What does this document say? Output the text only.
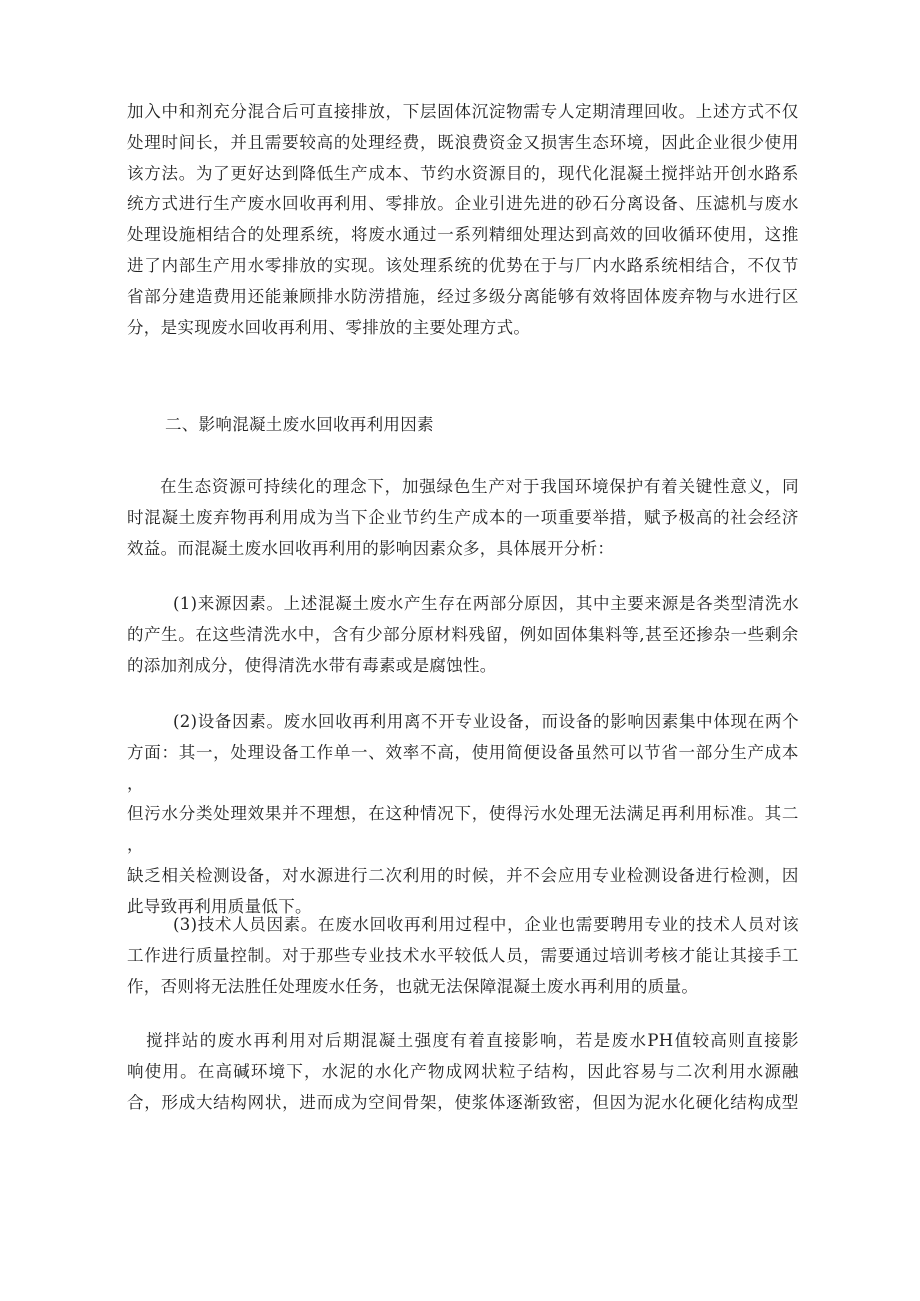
加入中和剂充分混合后可直接排放，下层固体沉淀物需专人定期清理回收。上述方式不仅
处理时间长，并且需要较高的处理经费，既浪费资金又损害生态环境，因此企业很少使用
该方法。为了更好达到降低生产成本、节约水资源目的，现代化混凝土搅拌站开创水路系
统方式进行生产废水回收再利用、零排放。企业引进先进的砂石分离设备、压滤机与废水
处理设施相结合的处理系统，将废水通过一系列精细处理达到高效的回收循环使用，这推
进了内部生产用水零排放的实现。该处理系统的优势在于与厂内水路系统相结合，不仅节
省部分建造费用还能兼顾排水防涝措施，经过多级分离能够有效将固体废弃物与水进行区
分，是实现废水回收再利用、零排放的主要处理方式。
二、影响混凝土废水回收再利用因素
在生态资源可持续化的理念下，加强绿色生产对于我国环境保护有着关键性意义，同
时混凝土废弃物再利用成为当下企业节约生产成本的一项重要举措，赋予极高的社会经济
效益。而混凝土废水回收再利用的影响因素众多，具体展开分析：
(1)来源因素。上述混凝土废水产生存在两部分原因，其中主要来源是各类型清洗水
的产生。在这些清洗水中，含有少部分原材料残留，例如固体集料等,甚至还掺杂一些剩余
的添加剂成分，使得清洗水带有毒素或是腐蚀性。
(2)设备因素。废水回收再利用离不开专业设备，而设备的影响因素集中体现在两个
方面：其一，处理设备工作单一、效率不高，使用简便设备虽然可以节省一部分生产成本，
但污水分类处理效果并不理想，在这种情况下，使得污水处理无法满足再利用标准。其二，
缺乏相关检测设备，对水源进行二次利用的时候，并不会应用专业检测设备进行检测，因
此导致再利用质量低下。
(3)技术人员因素。在废水回收再利用过程中，企业也需要聘用专业的技术人员对该
工作进行质量控制。对于那些专业技术水平较低人员，需要通过培训考核才能让其接手工
作，否则将无法胜任处理废水任务，也就无法保障混凝土废水再利用的质量。
搅拌站的废水再利用对后期混凝土强度有着直接影响，若是废水PH值较高则直接影
响使用。在高碱环境下，水泥的水化产物成网状粒子结构，因此容易与二次利用水源融
合，形成大结构网状，进而成为空间骨架，使浆体逐渐致密，但因为泥水化硬化结构成型
